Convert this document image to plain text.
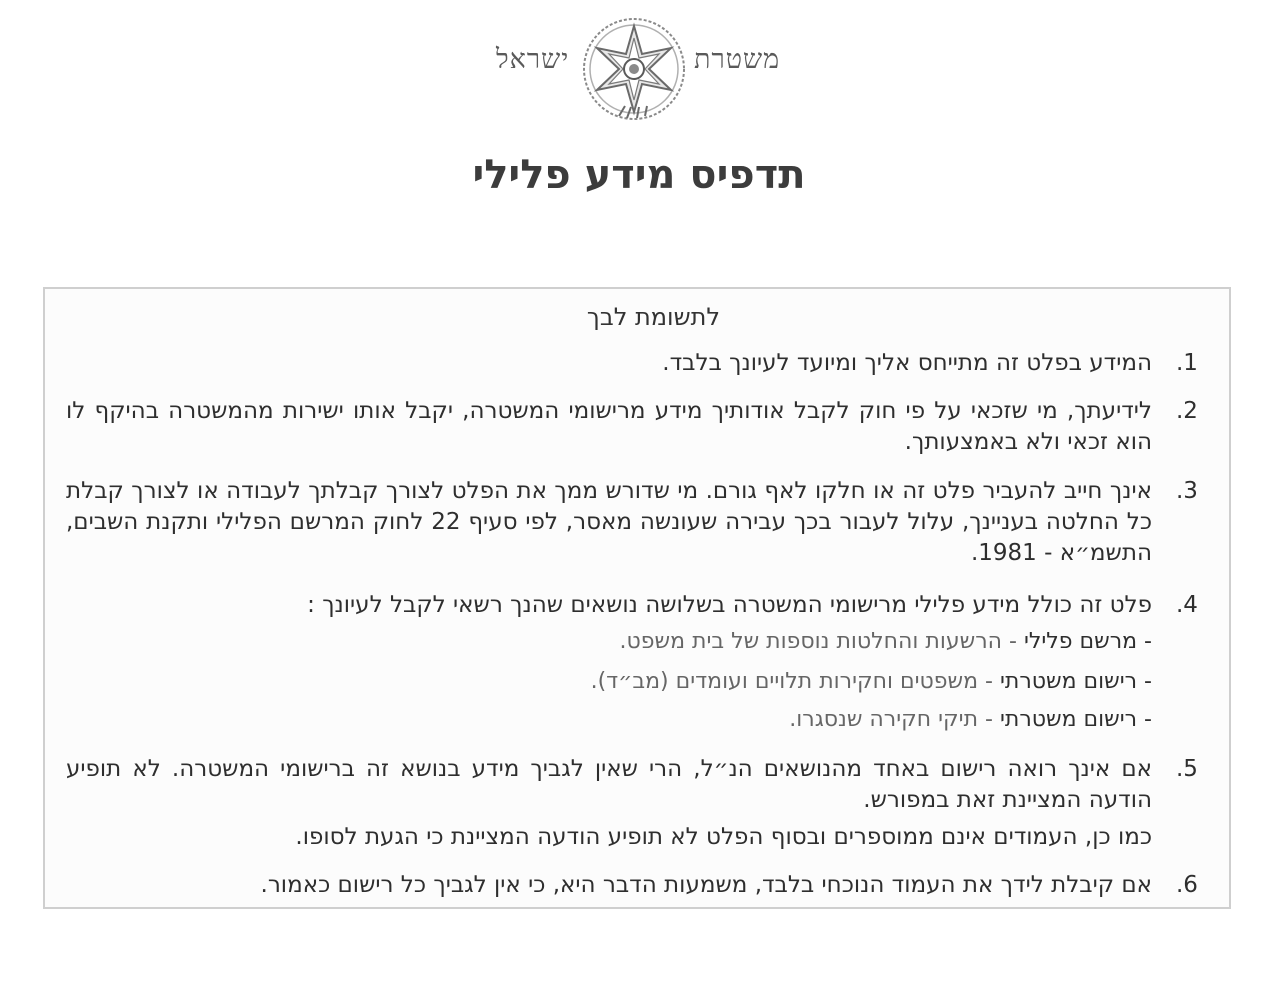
משטרת
ישראל
תדפיס מידע פלילי
לתשומת לבך
.1
המידע בפלט זה מתייחס אליך ומיועד לעיונך בלבד.
.2
לידיעתך, מי שזכאי על פי חוק לקבל אודותיך מידע מרישומי המשטרה, יקבל אותו ישירות מהמשטרה בהיקף לו הוא זכאי ולא באמצעותך.
.3
אינך חייב להעביר פלט זה או חלקו לאף גורם. מי שדורש ממך את הפלט לצורך קבלתך לעבודה או לצורך קבלת כל החלטה בעניינך, עלול לעבור בכך עבירה שעונשה מאסר, לפי סעיף 22 לחוק המרשם הפלילי ותקנת השבים, התשמ״א - 1981.
.4
פלט זה כולל מידע פלילי מרישומי המשטרה בשלושה נושאים שהנך רשאי לקבל לעיונך :
- מרשם פלילי - הרשעות והחלטות נוספות של בית משפט.
- רישום משטרתי - משפטים וחקירות תלויים ועומדים (מב״ד).
- רישום משטרתי - תיקי חקירה שנסגרו.
.5
אם אינך רואה רישום באחד מהנושאים הנ״ל, הרי שאין לגביך מידע בנושא זה ברישומי המשטרה. לא תופיע הודעה המציינת זאת במפורש.
כמו כן, העמודים אינם ממוספרים ובסוף הפלט לא תופיע הודעה המציינת כי הגעת לסופו.
.6
אם קיבלת לידך את העמוד הנוכחי בלבד, משמעות הדבר היא, כי אין לגביך כל רישום כאמור.
